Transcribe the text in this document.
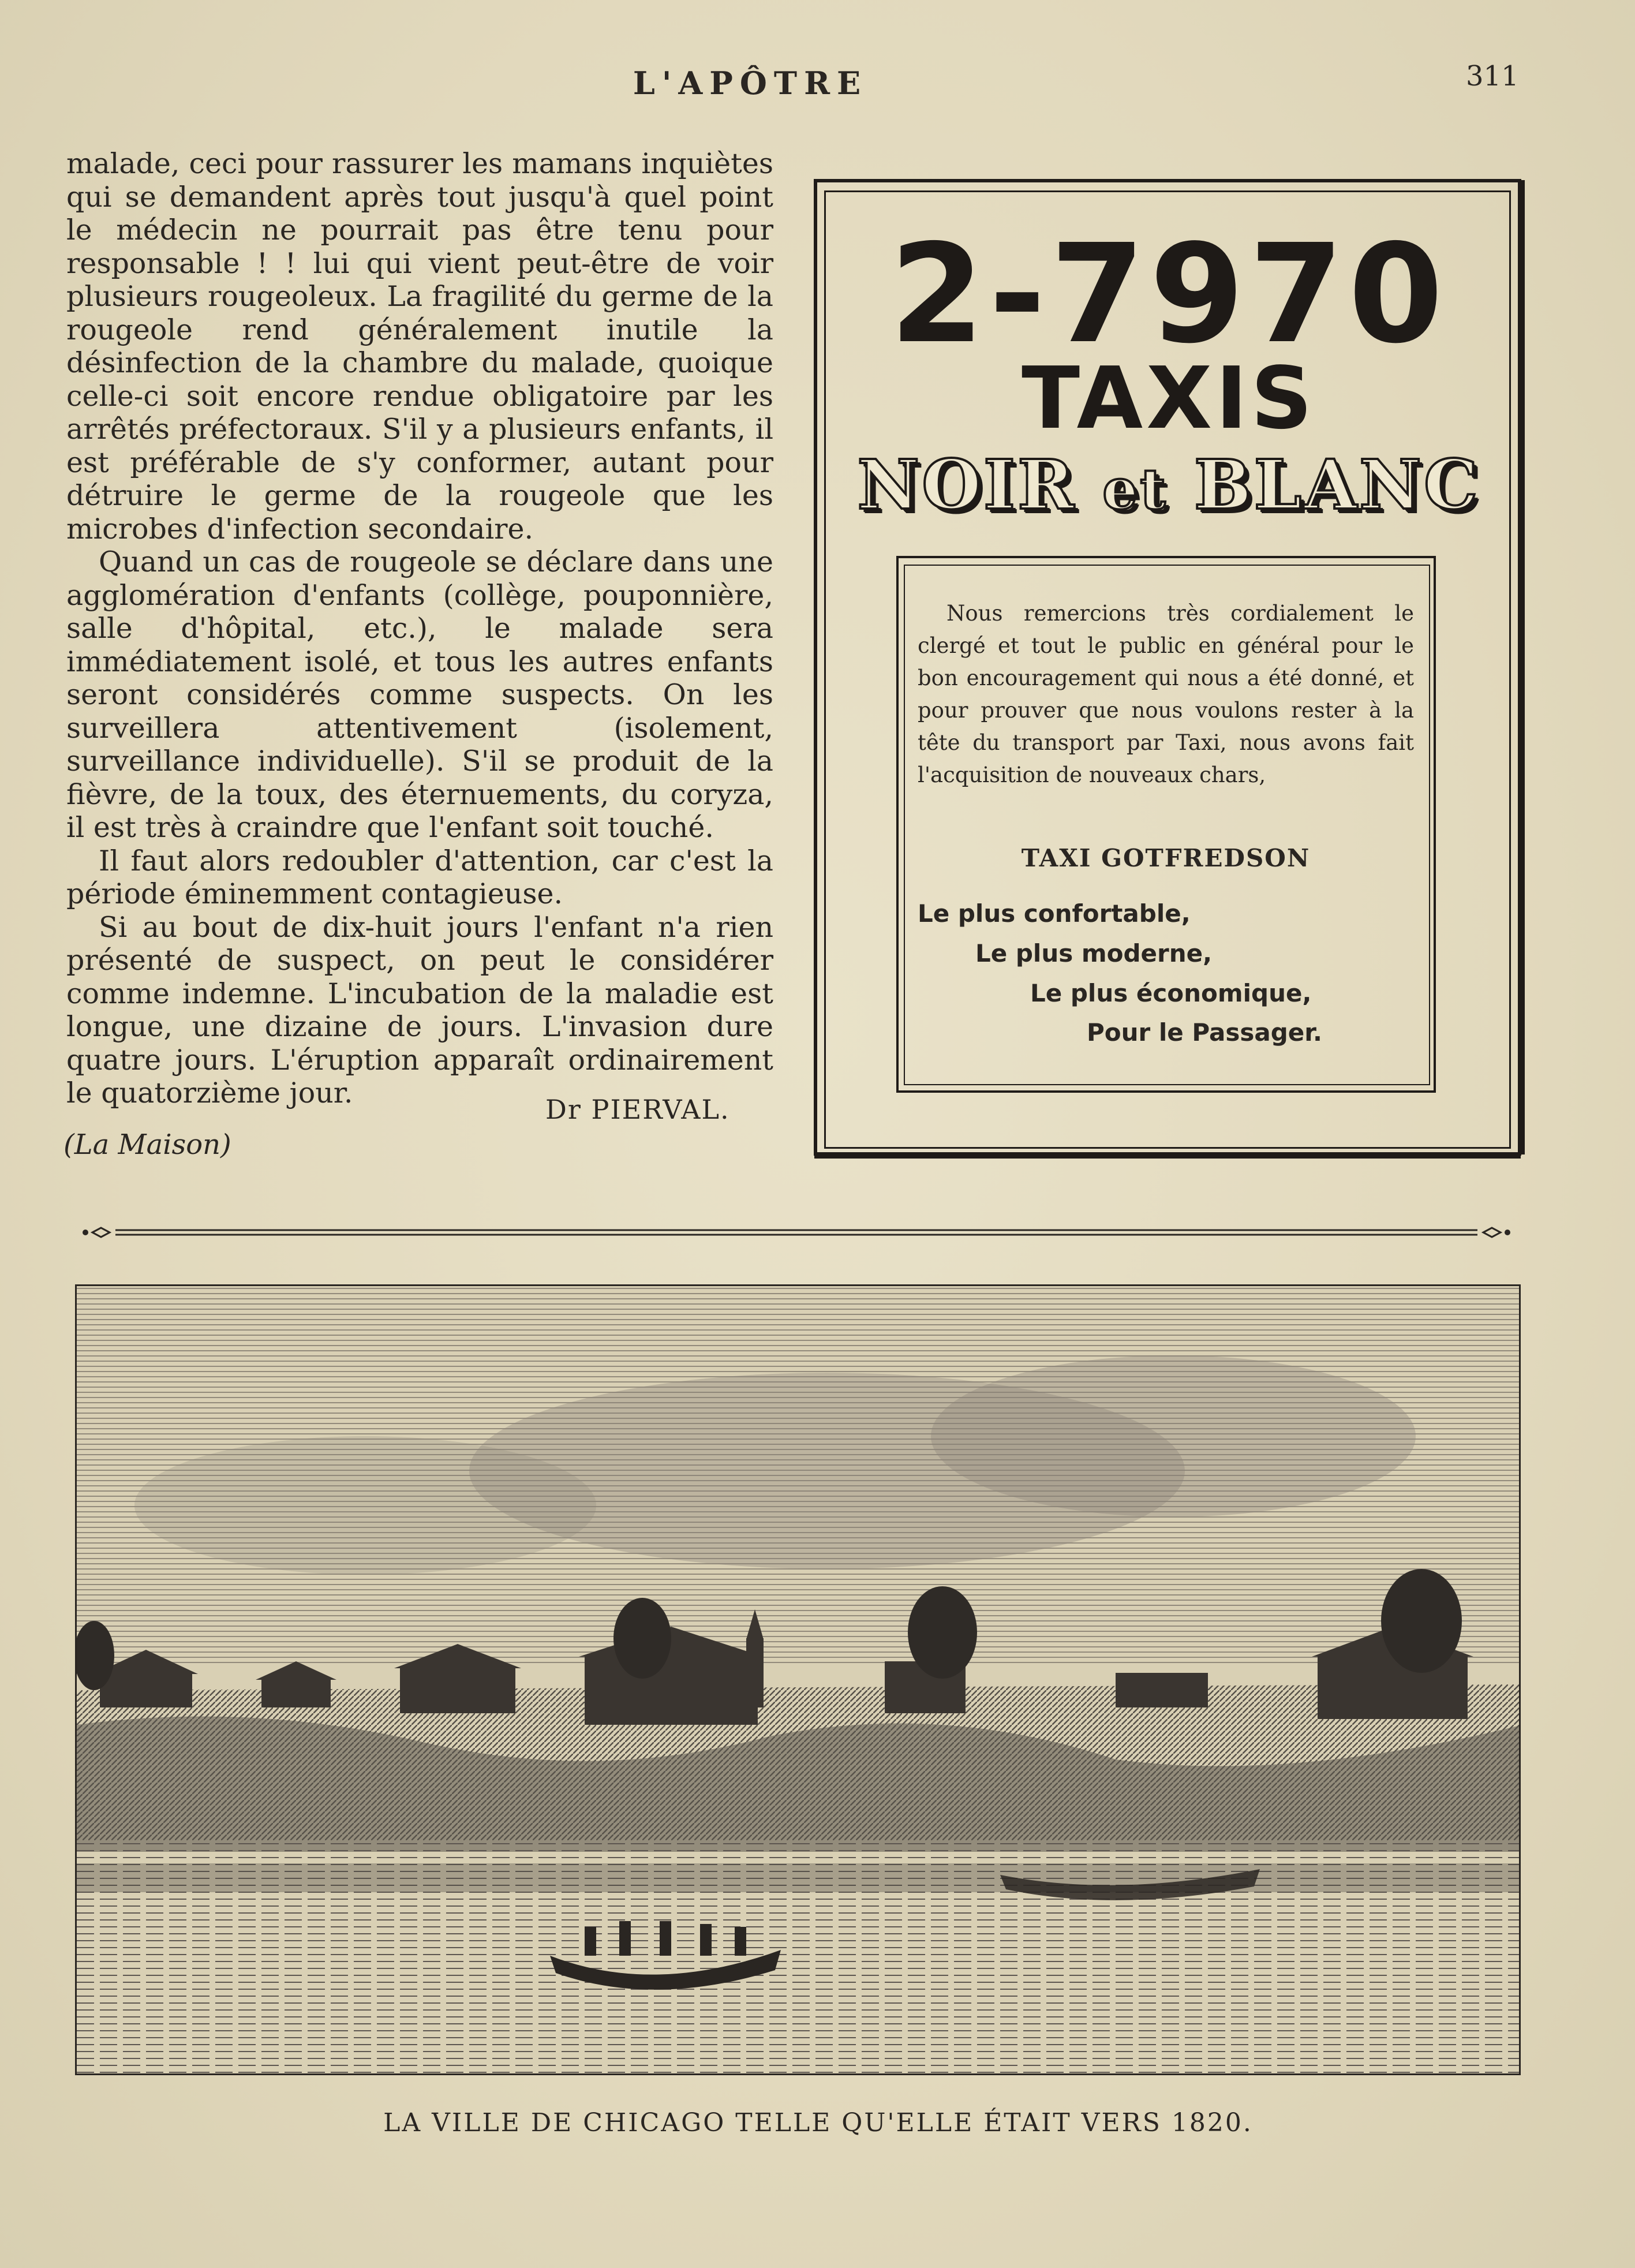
L'APÔTRE	311

malade, ceci pour rassurer les mamans inquiètes qui se demandent après tout jusqu'à quel point le médecin ne pourrait pas être tenu pour responsable ! ! lui qui vient peut-être de voir plusieurs rougeoleux. La fragilité du germe de la rougeole rend généralement inutile la désinfection de la chambre du malade, quoique celle-ci soit encore rendue obligatoire par les arrêtés préfectoraux. S'il y a plusieurs enfants, il est préférable de s'y conformer, autant pour détruire le germe de la rougeole que les microbes d'infection secondaire.

Quand un cas de rougeole se déclare dans une agglomération d'enfants (collège, pouponnière, salle d'hôpital, etc.), le malade sera immédiatement isolé, et tous les autres enfants seront considérés comme suspects. On les surveillera attentivement (isolement, surveillance individuelle). S'il se produit de la fièvre, de la toux, des éternuements, du coryza, il est très à craindre que l'enfant soit touché.

Il faut alors redoubler d'attention, car c'est la période éminemment contagieuse.

Si au bout de dix-huit jours l'enfant n'a rien présenté de suspect, on peut le considérer comme indemne. L'incubation de la maladie est longue, une dizaine de jours. L'invasion dure quatre jours. L'éruption apparaît ordinairement le quatorzième jour.	Dr PIERVAL.
(La Maison)
2-7970
TAXIS
NOIR et BLANC
Nous remercions très cordialement le clergé et tout le public en général pour le bon encouragement qui nous a été donné, et pour prouver que nous voulons rester à la tête du transport par Taxi, nous avons fait l'acquisition de nouveaux chars,
TAXI GOTFREDSON
Le plus confortable,
Le plus moderne,
Le plus économique,
Pour le Passager.
LA VILLE DE CHICAGO TELLE QU'ELLE ÉTAIT VERS 1820.
